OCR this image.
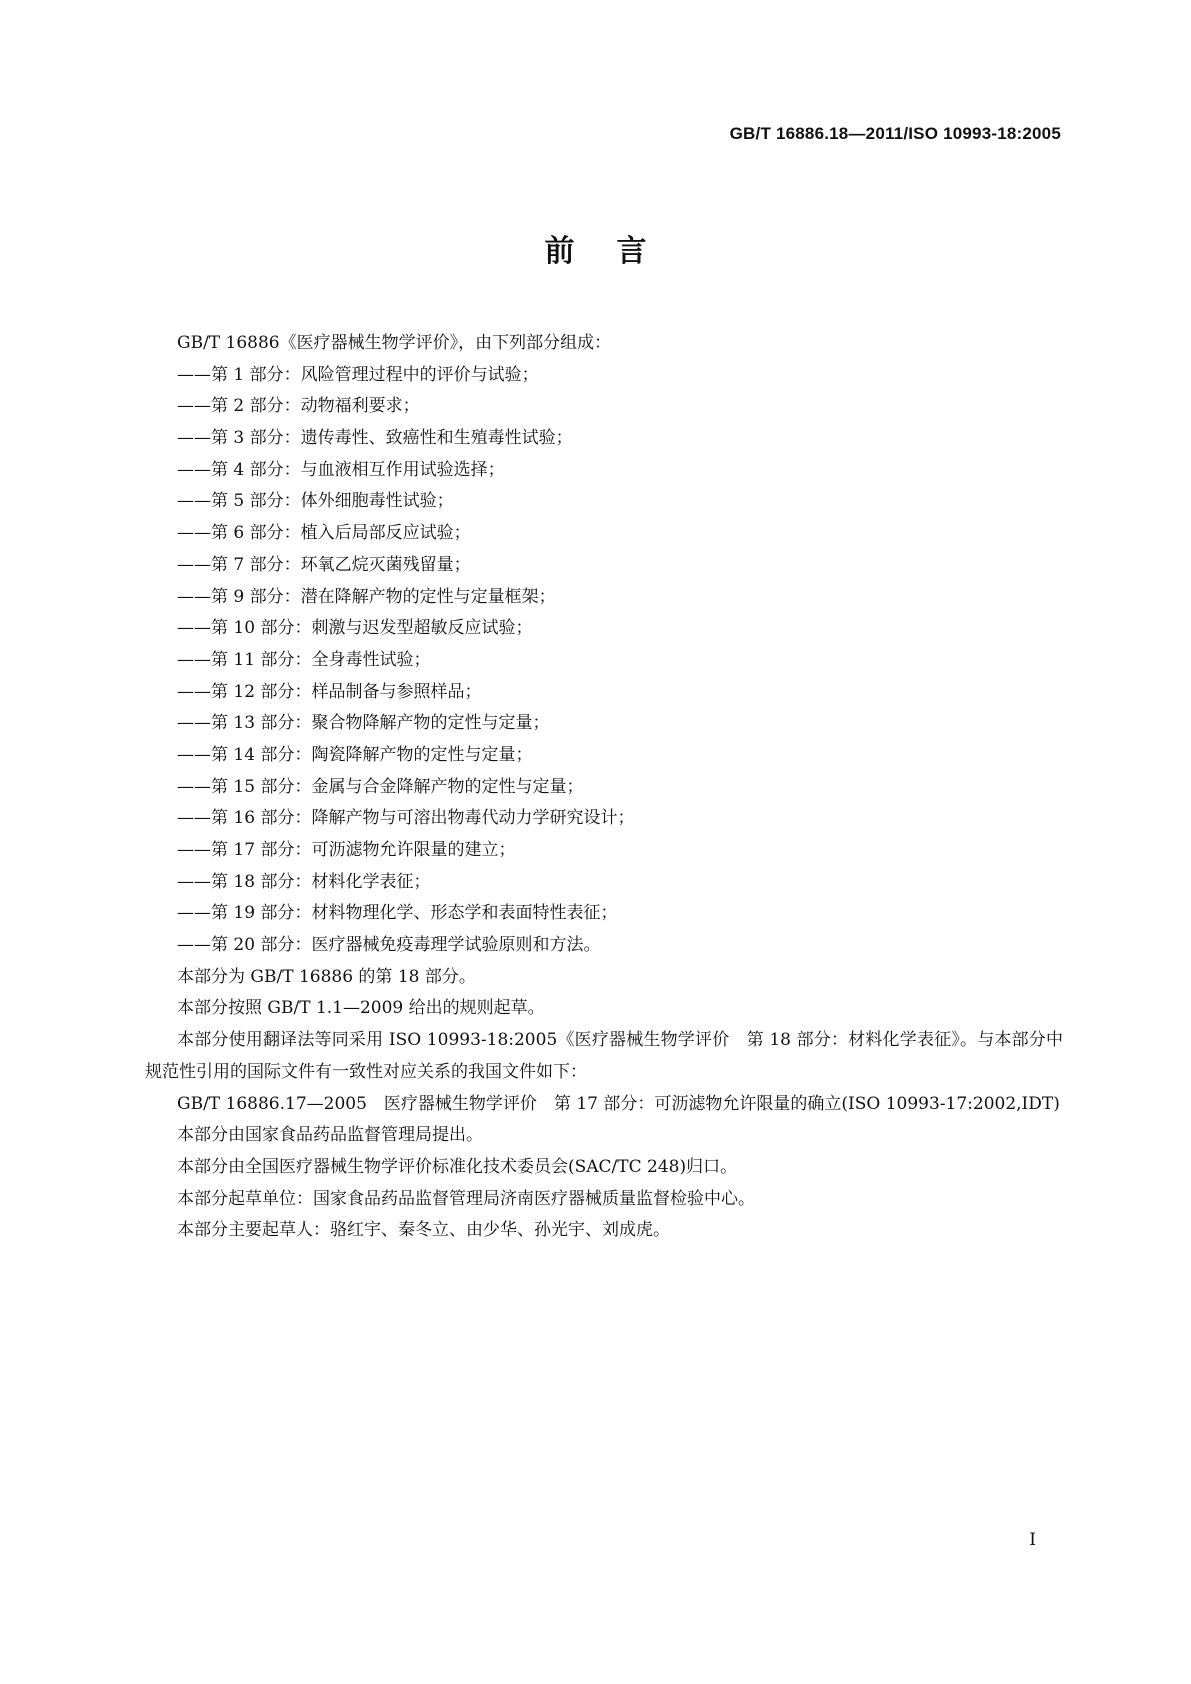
GB/T 16886.18—2011/ISO 10993-18:2005
前言
GB/T 16886《医疗器械生物学评价》，由下列部分组成：
——第 1 部分：风险管理过程中的评价与试验；
——第 2 部分：动物福利要求；
——第 3 部分：遗传毒性、致癌性和生殖毒性试验；
——第 4 部分：与血液相互作用试验选择；
——第 5 部分：体外细胞毒性试验；
——第 6 部分：植入后局部反应试验；
——第 7 部分：环氧乙烷灭菌残留量；
——第 9 部分：潜在降解产物的定性与定量框架；
——第 10 部分：刺激与迟发型超敏反应试验；
——第 11 部分：全身毒性试验；
——第 12 部分：样品制备与参照样品；
——第 13 部分：聚合物降解产物的定性与定量；
——第 14 部分：陶瓷降解产物的定性与定量；
——第 15 部分：金属与合金降解产物的定性与定量；
——第 16 部分：降解产物与可溶出物毒代动力学研究设计；
——第 17 部分：可沥滤物允许限量的建立；
——第 18 部分：材料化学表征；
——第 19 部分：材料物理化学、形态学和表面特性表征；
——第 20 部分：医疗器械免疫毒理学试验原则和方法。
本部分为 GB/T 16886 的第 18 部分。
本部分按照 GB/T 1.1—2009 给出的规则起草。
本部分使用翻译法等同采用 ISO 10993-18:2005《医疗器械生物学评价　第 18 部分：材料化学表征》。与本部分中规范性引用的国际文件有一致性对应关系的我国文件如下：
GB/T 16886.17—2005　医疗器械生物学评价　第 17 部分：可沥滤物允许限量的确立(ISO 10993-17:2002,IDT)
本部分由国家食品药品监督管理局提出。
本部分由全国医疗器械生物学评价标准化技术委员会(SAC/TC 248)归口。
本部分起草单位：国家食品药品监督管理局济南医疗器械质量监督检验中心。
本部分主要起草人：骆红宇、秦冬立、由少华、孙光宇、刘成虎。
I
